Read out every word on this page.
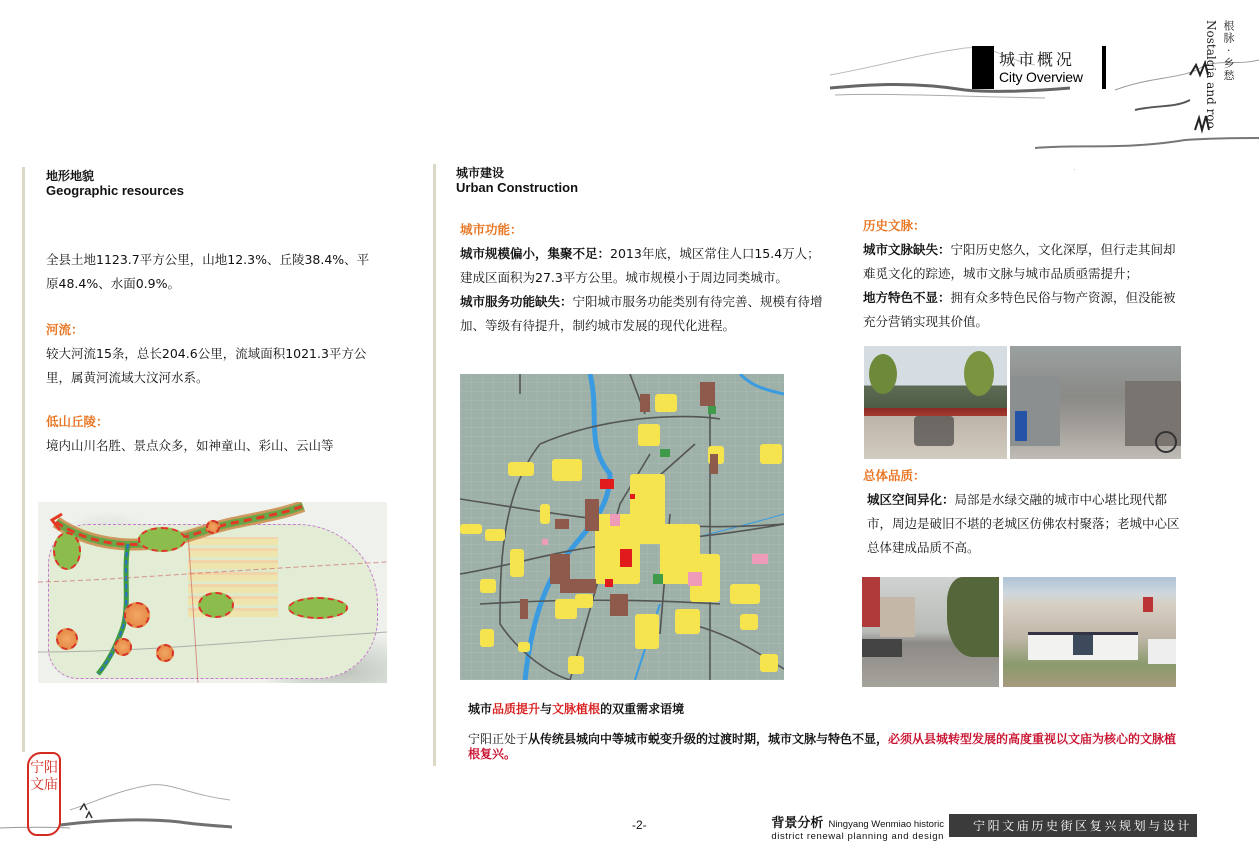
城市概况
City Overview	根脉 · 乡愁
Nostalgia and roo
地形地貌
Geographic resources
全县土地1123.7平方公里，山地12.3%、丘陵38.4%、平原48.4%、水面0.9%。
河流：
较大河流15条，总长204.6公里，流域面积1021.3平方公里，属黄河流域大汶河水系。
低山丘陵：
境内山川名胜、景点众多，如神童山、彩山、云山等
城市建设
Urban Construction
城市功能：
城市规模偏小，集聚不足：2013年底，城区常住人口15.4万人；建成区面积为27.3平方公里。城市规模小于周边同类城市。
城市服务功能缺失：宁阳城市服务功能类别有待完善、规模有待增加、等级有待提升，制约城市发展的现代化进程。
历史文脉：
城市文脉缺失：宁阳历史悠久，文化深厚，但行走其间却难觅文化的踪迹，城市文脉与城市品质亟需提升；
地方特色不显：拥有众多特色民俗与物产资源，但没能被充分营销实现其价值。
总体品质：
城区空间异化：局部是水绿交融的城市中心堪比现代都市，周边是破旧不堪的老城区仿佛农村聚落；老城中心区总体建成品质不高。
城市品质提升与文脉植根的双重需求语境
宁阳正处于从传统县城向中等城市蜕变升级的过渡时期，城市文脉与特色不显，必须从县城转型发展的高度重视以文庙为核心的文脉植根复兴。
宁阳文庙
-2-	背景分析 Ningyang Wenmiao historic
district renewal planning and design
宁阳文庙历史街区复兴规划与设计
